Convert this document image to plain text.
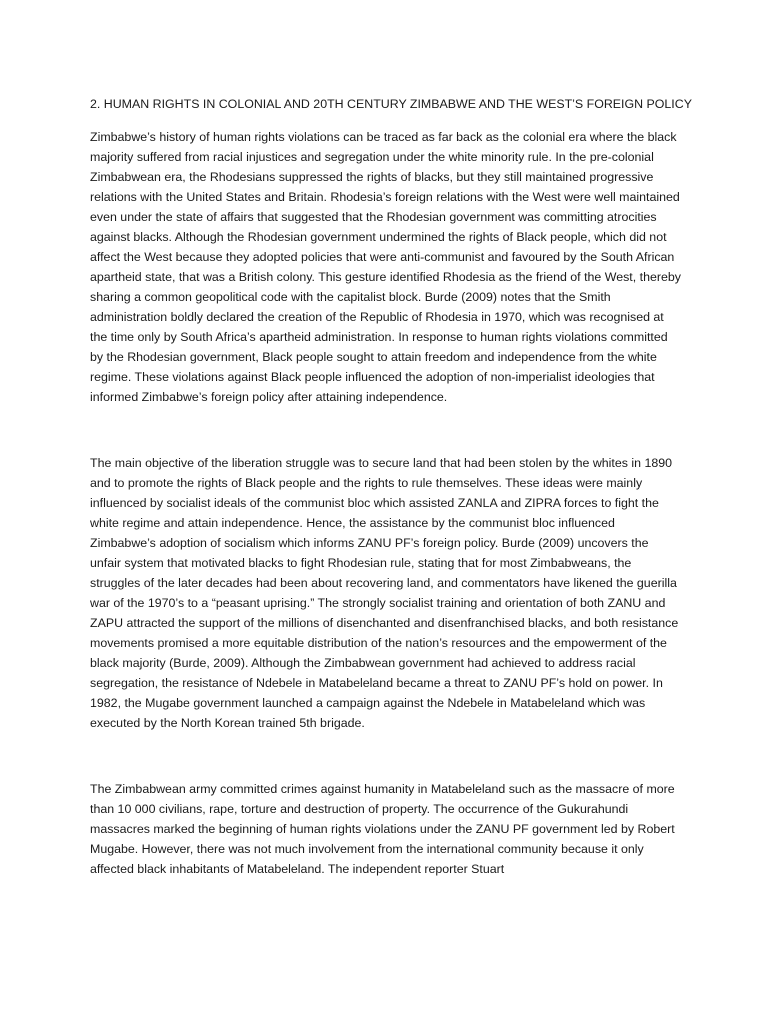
2. HUMAN RIGHTS IN COLONIAL AND 20TH CENTURY ZIMBABWE AND THE WEST’S FOREIGN POLICY

Zimbabwe’s history of human rights violations can be traced as far back as the colonial era where the black majority suffered from racial injustices and segregation under the white minority rule. In the pre-colonial Zimbabwean era, the Rhodesians suppressed the rights of blacks, but they still maintained progressive relations with the United States and Britain. Rhodesia’s foreign relations with the West were well maintained even under the state of affairs that suggested that the Rhodesian government was committing atrocities against blacks. Although the Rhodesian government undermined the rights of Black people, which did not affect the West because they adopted policies that were anti-communist and favoured by the South African apartheid state, that was a British colony. This gesture identified Rhodesia as the friend of the West, thereby sharing a common geopolitical code with the capitalist block. Burde (2009) notes that the Smith administration boldly declared the creation of the Republic of Rhodesia in 1970, which was recognised at the time only by South Africa’s apartheid administration. In response to human rights violations committed by the Rhodesian government, Black people sought to attain freedom and independence from the white regime. These violations against Black people influenced the adoption of non-imperialist ideologies that informed Zimbabwe’s foreign policy after attaining independence.

The main objective of the liberation struggle was to secure land that had been stolen by the whites in 1890 and to promote the rights of Black people and the rights to rule themselves. These ideas were mainly influenced by socialist ideals of the communist bloc which assisted ZANLA and ZIPRA forces to fight the white regime and attain independence. Hence, the assistance by the communist bloc influenced Zimbabwe’s adoption of socialism which informs ZANU PF’s foreign policy. Burde (2009) uncovers the unfair system that motivated blacks to fight Rhodesian rule, stating that for most Zimbabweans, the struggles of the later decades had been about recovering land, and commentators have likened the guerilla war of the 1970’s to a “peasant uprising.” The strongly socialist training and orientation of both ZANU and ZAPU attracted the support of the millions of disenchanted and disenfranchised blacks, and both resistance movements promised a more equitable distribution of the nation’s resources and the empowerment of the black majority (Burde, 2009). Although the Zimbabwean government had achieved to address racial segregation, the resistance of Ndebele in Matabeleland became a threat to ZANU PF’s hold on power. In 1982, the Mugabe government launched a campaign against the Ndebele in Matabeleland which was executed by the North Korean trained 5th brigade.

The Zimbabwean army committed crimes against humanity in Matabeleland such as the massacre of more than 10 000 civilians, rape, torture and destruction of property. The occurrence of the Gukurahundi massacres marked the beginning of human rights violations under the ZANU PF government led by Robert Mugabe. However, there was not much involvement from the international community because it only affected black inhabitants of Matabeleland. The independent reporter Stuart
